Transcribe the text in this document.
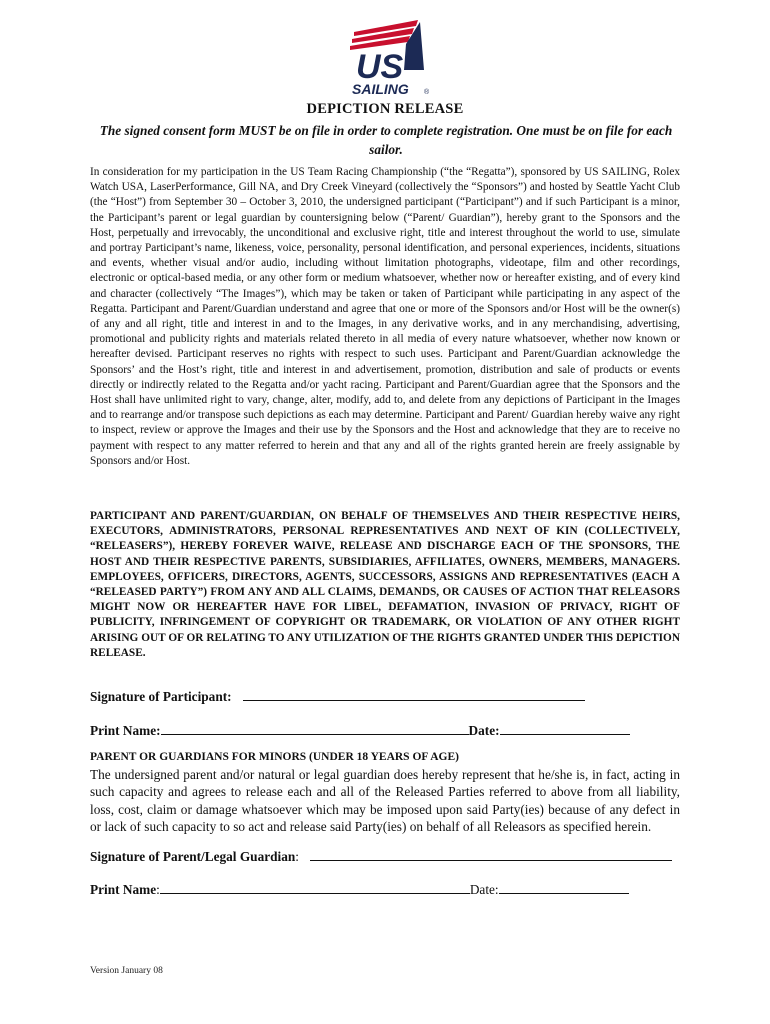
US
SAILING ®
DEPICTION RELEASE
The signed consent form MUST be on file in order to complete registration. One must be on file for each sailor.

In consideration for my participation in the US Team Racing Championship (“the “Regatta”), sponsored by US SAILING, Rolex Watch USA, LaserPerformance, Gill NA, and Dry Creek Vineyard (collectively the “Sponsors”) and hosted by Seattle Yacht Club (the “Host”) from September 30 – October 3, 2010, the undersigned participant (“Participant”) and if such Participant is a minor, the Participant’s parent or legal guardian by countersigning below (“Parent/ Guardian”), hereby grant to the Sponsors and the Host, perpetually and irrevocably, the unconditional and exclusive right, title and interest throughout the world to use, simulate and portray Participant’s name, likeness, voice, personality, personal identification, and personal experiences, incidents, situations and events, whether visual and/or audio, including without limitation photographs, videotape, film and other recordings, electronic or optical-based media, or any other form or medium whatsoever, whether now or hereafter existing, and of every kind and character (collectively “The Images”), which may be taken or taken of Participant while participating in any aspect of the Regatta. Participant and Parent/Guardian understand and agree that one or more of the Sponsors and/or Host will be the owner(s) of any and all right, title and interest in and to the Images, in any derivative works, and in any merchandising, advertising, promotional and publicity rights and materials related thereto in all media of every nature whatsoever, whether now known or hereafter devised. Participant reserves no rights with respect to such uses. Participant and Parent/Guardian acknowledge the Sponsors’ and the Host’s right, title and interest in and advertisement, promotion, distribution and sale of products or events directly or indirectly related to the Regatta and/or yacht racing. Participant and Parent/Guardian agree that the Sponsors and the Host shall have unlimited right to vary, change, alter, modify, add to, and delete from any depictions of Participant in the Images and to rearrange and/or transpose such depictions as each may determine. Participant and Parent/ Guardian hereby waive any right to inspect, review or approve the Images and their use by the Sponsors and the Host and acknowledge that they are to receive no payment with respect to any matter referred to herein and that any and all of the rights granted herein are freely assignable by Sponsors and/or Host.

PARTICIPANT AND PARENT/GUARDIAN, ON BEHALF OF THEMSELVES AND THEIR RESPECTIVE HEIRS, EXECUTORS, ADMINISTRATORS, PERSONAL REPRESENTATIVES AND NEXT OF KIN (COLLECTIVELY, “RELEASERS”), HEREBY FOREVER WAIVE, RELEASE AND DISCHARGE EACH OF THE SPONSORS, THE HOST AND THEIR RESPECTIVE PARENTS, SUBSIDIARIES, AFFILIATES, OWNERS, MEMBERS, MANAGERS. EMPLOYEES, OFFICERS, DIRECTORS, AGENTS, SUCCESSORS, ASSIGNS AND REPRESENTATIVES (EACH A “RELEASED PARTY”) FROM ANY AND ALL CLAIMS, DEMANDS, OR CAUSES OF ACTION THAT RELEASORS MIGHT NOW OR HEREAFTER HAVE FOR LIBEL, DEFAMATION, INVASION OF PRIVACY, RIGHT OF PUBLICITY, INFRINGEMENT OF COPYRIGHT OR TRADEMARK, OR VIOLATION OF ANY OTHER RIGHT ARISING OUT OF OR RELATING TO ANY UTILIZATION OF THE RIGHTS GRANTED UNDER THIS DEPICTION RELEASE.

Signature of Participant:
Print Name:	Date:
PARENT OR GUARDIANS FOR MINORS (UNDER 18 YEARS OF AGE)

The undersigned parent and/or natural or legal guardian does hereby represent that he/she is, in fact, acting in such capacity and agrees to release each and all of the Released Parties referred to above from all liability, loss, cost, claim or damage whatsoever which may be imposed upon said Party(ies) because of any defect in or lack of such capacity to so act and release said Party(ies) on behalf of all Releasors as specified herein.

Signature of Parent/Legal Guardian:
Print Name:	Date:
Version January 08
